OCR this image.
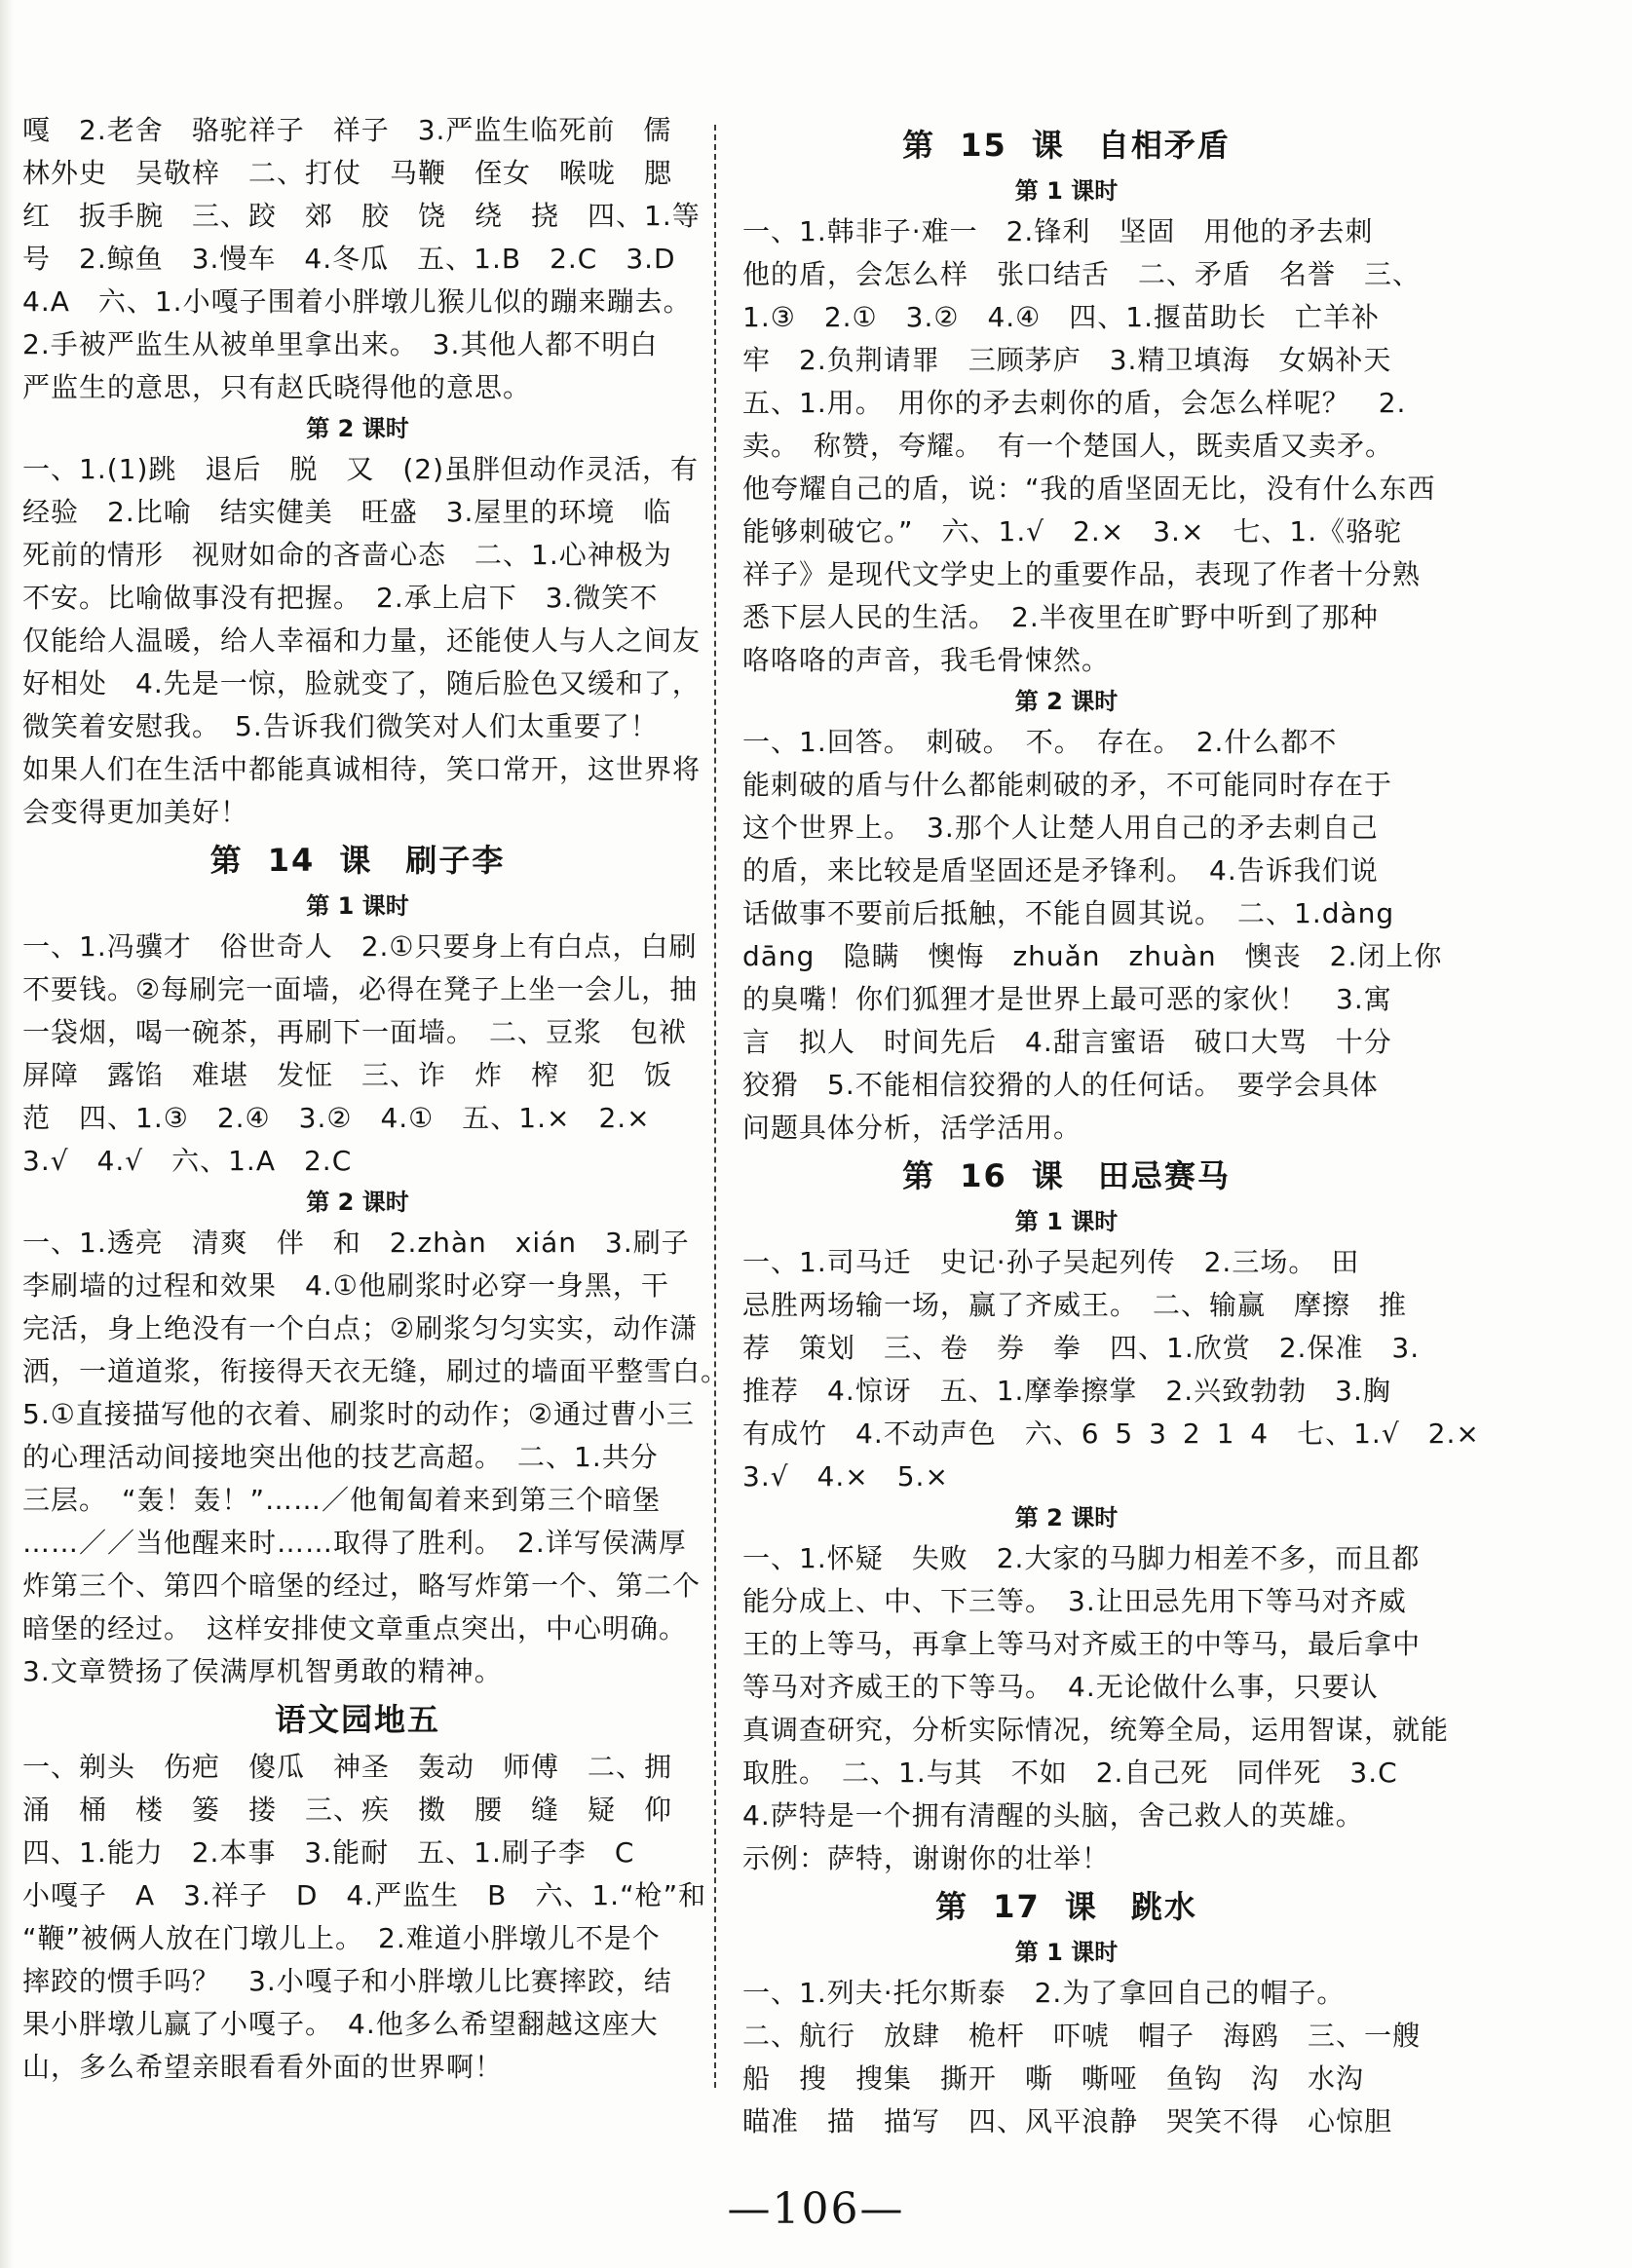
嘎　2.老舍　骆驼祥子　祥子　3.严监生临死前　儒
林外史　吴敬梓　二、打仗　马鞭　侄女　喉咙　腮
红　扳手腕　三、跤　郊　胶　饶　绕　挠　四、1.等
号　2.鲸鱼　3.慢车　4.冬瓜　五、1.B　2.C　3.D
4.A　六、1.小嘎子围着小胖墩儿猴儿似的蹦来蹦去。
2.手被严监生从被单里拿出来。　3.其他人都不明白
严监生的意思，只有赵氏晓得他的意思。
第 2 课时
一、1.(1)跳　退后　脱　又　(2)虽胖但动作灵活，有
经验　2.比喻　结实健美　旺盛　3.屋里的环境　临
死前的情形　视财如命的吝啬心态　二、1.心神极为
不安。比喻做事没有把握。　2.承上启下　3.微笑不
仅能给人温暖，给人幸福和力量，还能使人与人之间友
好相处　4.先是一惊，脸就变了，随后脸色又缓和了，
微笑着安慰我。　5.告诉我们微笑对人们太重要了！
如果人们在生活中都能真诚相待，笑口常开，这世界将
会变得更加美好！
第 14 课　刷子李
第 1 课时
一、1.冯骥才　俗世奇人　2.①只要身上有白点，白刷
不要钱。②每刷完一面墙，必得在凳子上坐一会儿，抽
一袋烟，喝一碗茶，再刷下一面墙。　二、豆浆　包袱
屏障　露馅　难堪　发怔　三、诈　炸　榨　犯　饭
范　四、1.③　2.④　3.②　4.①　五、1.×　2.×
3.√　4.√　六、1.A　2.C
第 2 课时
一、1.透亮　清爽　伴　和　2.zhàn　xián　3.刷子
李刷墙的过程和效果　4.①他刷浆时必穿一身黑，干
完活，身上绝没有一个白点；②刷浆匀匀实实，动作潇
洒，一道道浆，衔接得天衣无缝，刷过的墙面平整雪白。
5.①直接描写他的衣着、刷浆时的动作；②通过曹小三
的心理活动间接地突出他的技艺高超。　二、1.共分
三层。　“轰！轰！”……／他匍匐着来到第三个暗堡
……／／当他醒来时……取得了胜利。　2.详写侯满厚
炸第三个、第四个暗堡的经过，略写炸第一个、第二个
暗堡的经过。　这样安排使文章重点突出，中心明确。
3.文章赞扬了侯满厚机智勇敢的精神。
语文园地五
一、剃头　伤疤　傻瓜　神圣　轰动　师傅　二、拥
涌　桶　楼　篓　搂　三、疾　擞　腰　缝　疑　仰
四、1.能力　2.本事　3.能耐　五、1.刷子李　C
小嘎子　A　3.祥子　D　4.严监生　B　六、1.“枪”和
“鞭”被俩人放在门墩儿上。　2.难道小胖墩儿不是个
摔跤的惯手吗？　3.小嘎子和小胖墩儿比赛摔跤，结
果小胖墩儿赢了小嘎子。　4.他多么希望翻越这座大
山，多么希望亲眼看看外面的世界啊！
第 15 课　自相矛盾
第 1 课时
一、1.韩非子·难一　2.锋利　坚固　用他的矛去刺
他的盾，会怎么样　张口结舌　二、矛盾　名誉　三、
1.③　2.①　3.②　4.④　四、1.揠苗助长　亡羊补
牢　2.负荆请罪　三顾茅庐　3.精卫填海　女娲补天
五、1.用。　用你的矛去刺你的盾，会怎么样呢？　2.
卖。　称赞，夸耀。　有一个楚国人，既卖盾又卖矛。
他夸耀自己的盾，说：“我的盾坚固无比，没有什么东西
能够刺破它。”　六、1.√　2.×　3.×　七、1.《骆驼
祥子》是现代文学史上的重要作品，表现了作者十分熟
悉下层人民的生活。　2.半夜里在旷野中听到了那种
咯咯咯的声音，我毛骨悚然。
第 2 课时
一、1.回答。　刺破。　不。　存在。　2.什么都不
能刺破的盾与什么都能刺破的矛，不可能同时存在于
这个世界上。　3.那个人让楚人用自己的矛去刺自己
的盾，来比较是盾坚固还是矛锋利。　4.告诉我们说
话做事不要前后抵触，不能自圆其说。　二、1.dàng
dāng　隐瞒　懊悔　zhuǎn　zhuàn　懊丧　2.闭上你
的臭嘴！你们狐狸才是世界上最可恶的家伙！　3.寓
言　拟人　时间先后　4.甜言蜜语　破口大骂　十分
狡猾　5.不能相信狡猾的人的任何话。　要学会具体
问题具体分析，活学活用。
第 16 课　田忌赛马
第 1 课时
一、1.司马迁　史记·孙子吴起列传　2.三场。　田
忌胜两场输一场，赢了齐威王。　二、输赢　摩擦　推
荐　策划　三、卷　券　拳　四、1.欣赏　2.保准　3.
推荐　4.惊讶　五、1.摩拳擦掌　2.兴致勃勃　3.胸
有成竹　4.不动声色　六、6 5 3 2 1 4　七、1.√　2.×
3.√　4.×　5.×
第 2 课时
一、1.怀疑　失败　2.大家的马脚力相差不多，而且都
能分成上、中、下三等。　3.让田忌先用下等马对齐威
王的上等马，再拿上等马对齐威王的中等马，最后拿中
等马对齐威王的下等马。　4.无论做什么事，只要认
真调查研究，分析实际情况，统筹全局，运用智谋，就能
取胜。　二、1.与其　不如　2.自己死　同伴死　3.C
4.萨特是一个拥有清醒的头脑，舍己救人的英雄。
示例：萨特，谢谢你的壮举！
第 17 课　跳水
第 1 课时
一、1.列夫·托尔斯泰　2.为了拿回自己的帽子。
二、航行　放肆　桅杆　吓唬　帽子　海鸥　三、一艘
船　搜　搜集　撕开　嘶　嘶哑　鱼钩　沟　水沟
瞄准　描　描写　四、风平浪静　哭笑不得　心惊胆
—106—
